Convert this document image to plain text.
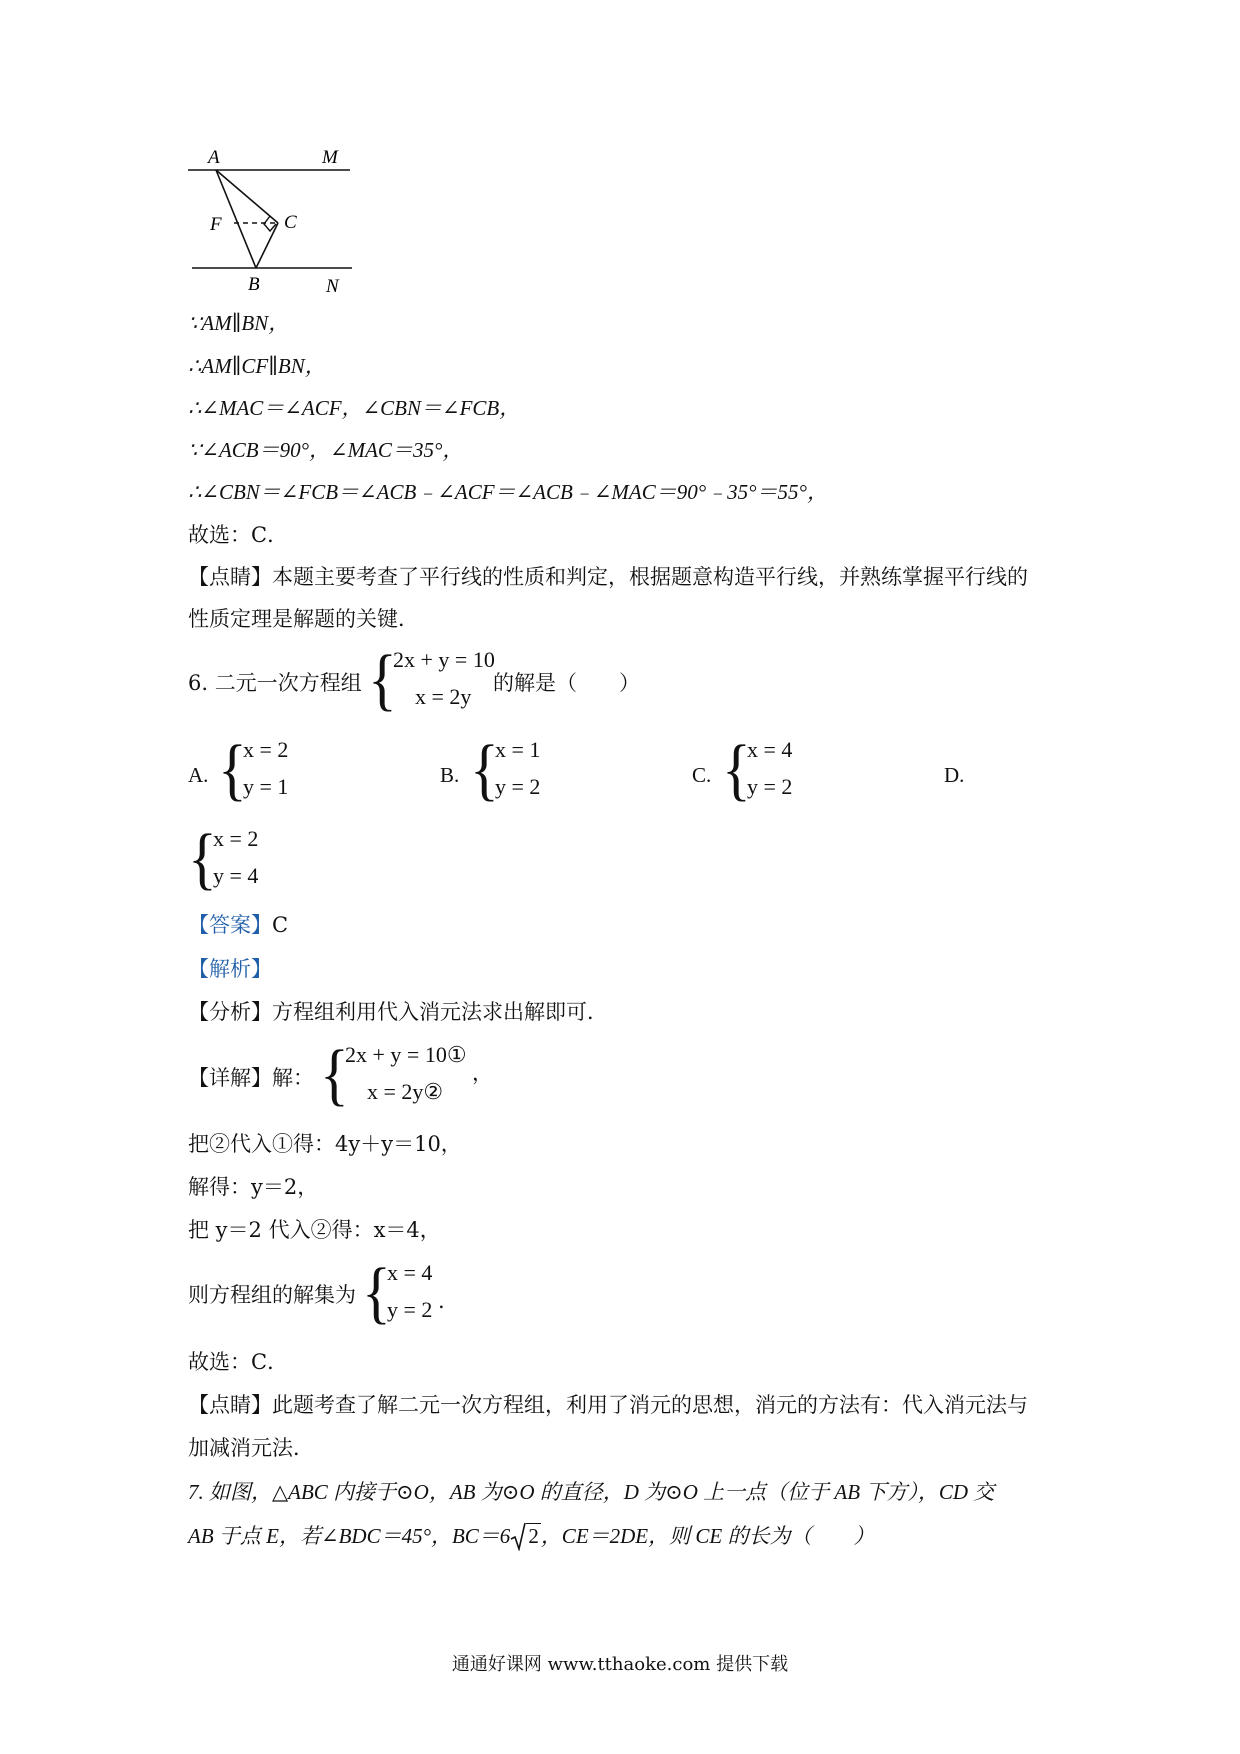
A	M
F	C
B	N
∵AM∥BN，
∴AM∥CF∥BN，
∴∠MAC＝∠ACF，∠CBN＝∠FCB，
∵∠ACB＝90°，∠MAC＝35°，
∴∠CBN＝∠FCB＝∠ACB﹣∠ACF＝∠ACB﹣∠MAC＝90°﹣35°＝55°，
故选：C．
【点睛】本题主要考查了平行线的性质和判定，根据题意构造平行线，并熟练掌握平行线的
性质定理是解题的关键．
6. 二元一次方程组 {
2x + y = 10
x = 2y
的解是（　　）
A. {
x = 2
y = 1	B. {
x = 1
y = 2	C. {
x = 4
y = 2	D.
{
x = 2
y = 4
【答案】C
【解析】
【分析】方程组利用代入消元法求出解即可．
【详解】解： {
2x + y = 10①
x = 2y②
，
把②代入①得：4y＋y＝10，
解得：y＝2，
把 y＝2 代入②得：x＝4，
则方程组的解集为 {
x = 4
y = 2 .
故选：C．
【点睛】此题考查了解二元一次方程组，利用了消元的思想，消元的方法有：代入消元法与
加减消元法．
7. 如图，△ABC 内接于⊙O，AB 为⊙O 的直径，D 为⊙O 上一点（位于 AB 下方），CD 交
AB 于点 E，若∠BDC＝45°，BC＝6 2，CE＝2DE，则 CE 的长为（　　）
通通好课网 www.tthaoke.com 提供下载
